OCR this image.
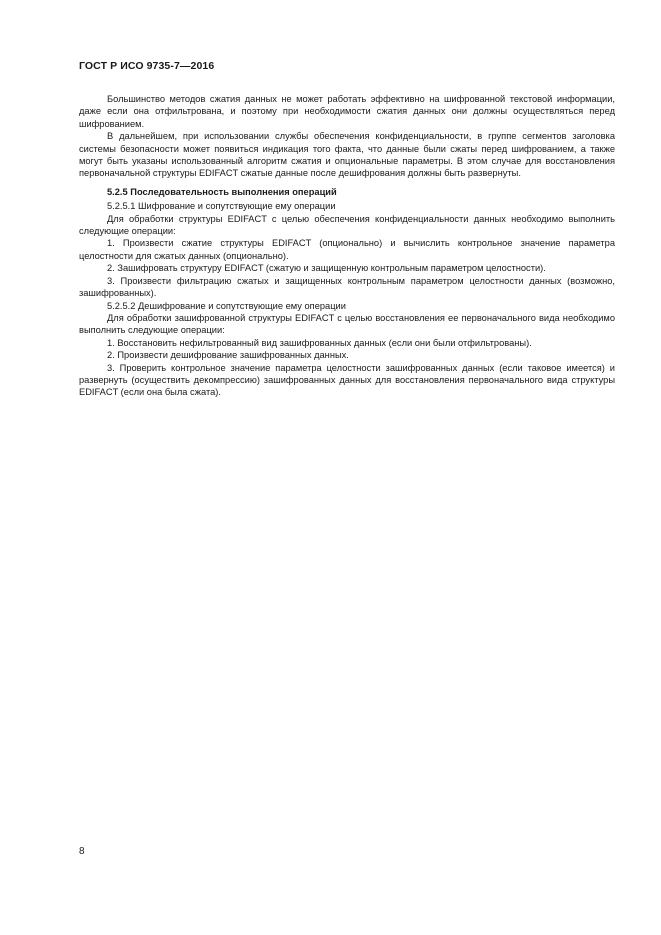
ГОСТ Р ИСО 9735-7—2016

Большинство методов сжатия данных не может работать эффективно на шифрованной текстовой информации, даже если она отфильтрована, и поэтому при необходимости сжатия данных они должны осуществляться перед шифрованием.

В дальнейшем, при использовании службы обеспечения конфиденциальности, в группе сегментов заголовка системы безопасности может появиться индикация того факта, что данные были сжаты перед шифрованием, а также могут быть указаны использованный алгоритм сжатия и опциональные параметры. В этом случае для восстановления первоначальной структуры EDIFACT сжатые данные после дешифрования должны быть развернуты.

5.2.5 Последовательность выполнения операций

5.2.5.1 Шифрование и сопутствующие ему операции

Для обработки структуры EDIFACT с целью обеспечения конфиденциальности данных необходимо выполнить следующие операции:

1. Произвести сжатие структуры EDIFACT (опционально) и вычислить контрольное значение параметра целостности для сжатых данных (опционально).

2. Зашифровать структуру EDIFACT (сжатую и защищенную контрольным параметром целостности).

3. Произвести фильтрацию сжатых и защищенных контрольным параметром целостности данных (возможно, зашифрованных).

5.2.5.2 Дешифрование и сопутствующие ему операции

Для обработки зашифрованной структуры EDIFACT с целью восстановления ее первоначального вида необходимо выполнить следующие операции:

1. Восстановить нефильтрованный вид зашифрованных данных (если они были отфильтрованы).

2. Произвести дешифрование зашифрованных данных.

3. Проверить контрольное значение параметра целостности зашифрованных данных (если таковое имеется) и развернуть (осуществить декомпрессию) зашифрованных данных для восстановления первоначального вида структуры EDIFACT (если она была сжата).

8
